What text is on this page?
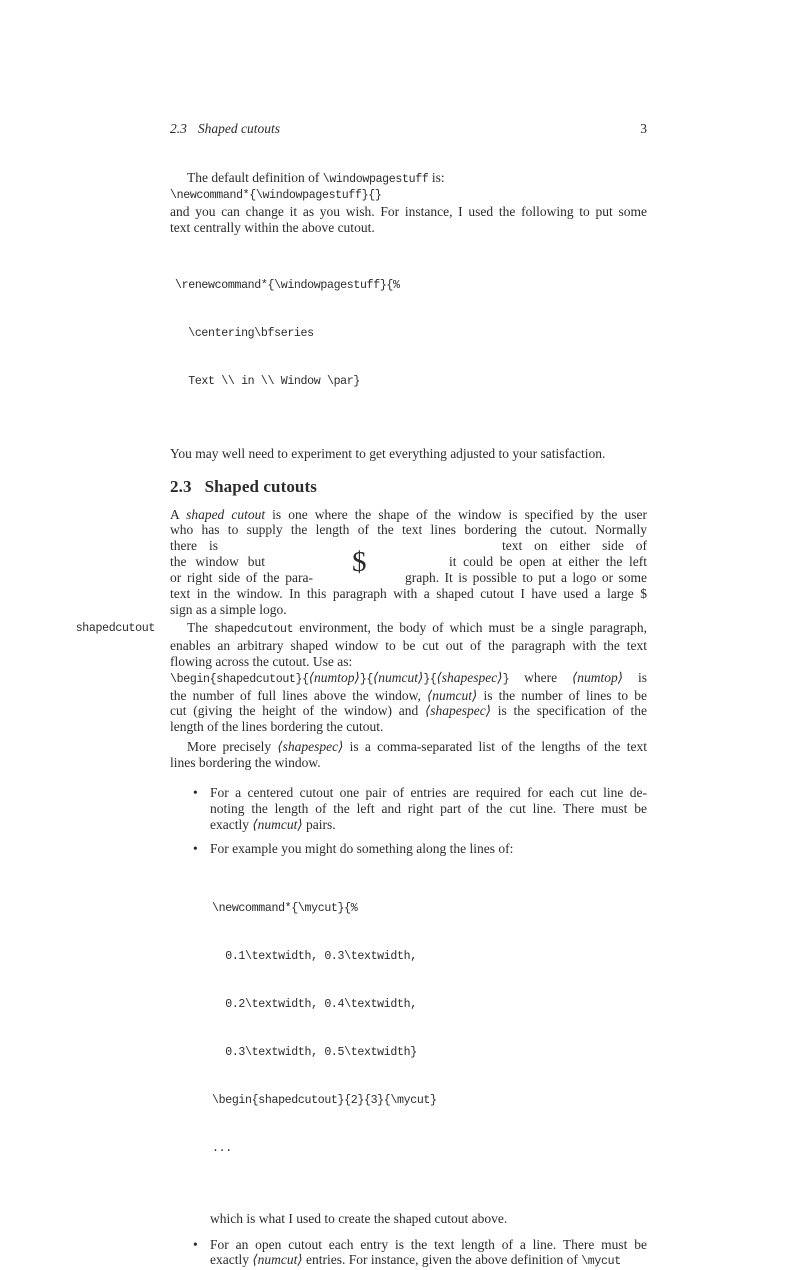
2.3 Shaped cutouts	3
The default definition of \windowpagestuff is:
\newcommand*{\windowpagestuff}{}
and you can change it as you wish. For instance, I used the following to put some
text centrally within the above cutout.

\renewcommand*{\windowpagestuff}{%

\centering\bfseries

Text \\ in \\ Window \par}

You may well need to experiment to get everything adjusted to your satisfaction.
2.3 Shaped cutouts
A shaped cutout is one where the shape of the window is specified by the user
who has to supply the length of the text lines bordering the cutout. Normally
there is	text on either side of
the window but	it could be open at either the left
or right side of the para-	graph. It is possible to put a logo or some
text in the window. In this paragraph with a shaped cutout I have used a large $
sign as a simple logo.
$
shapedcutout	The shapedcutout environment, the body of which must be a single paragraph,
enables an arbitrary shaped window to be cut out of the paragraph with the text
flowing across the cutout. Use as:
\begin{shapedcutout}{⟨numtop⟩}{⟨numcut⟩}{⟨shapespec⟩} where ⟨numtop⟩ is
the number of full lines above the window, ⟨numcut⟩ is the number of lines to be
cut (giving the height of the window) and ⟨shapespec⟩ is the specification of the
length of the lines bordering the cutout.
More precisely ⟨shapespec⟩ is a comma-separated list of the lengths of the text
lines bordering the window.
• For a centered cutout one pair of entries are required for each cut line de-
noting the length of the left and right part of the cut line. There must be
exactly ⟨numcut⟩ pairs.
• For example you might do something along the lines of:

\newcommand*{\mycut}{%

0.1\textwidth, 0.3\textwidth,

0.2\textwidth, 0.4\textwidth,

0.3\textwidth, 0.5\textwidth}

\begin{shapedcutout}{2}{3}{\mycut}

...

which is what I used to create the shaped cutout above.
• For an open cutout each entry is the text length of a line. There must be
exactly ⟨numcut⟩ entries. For instance, given the above definition of \mycut
